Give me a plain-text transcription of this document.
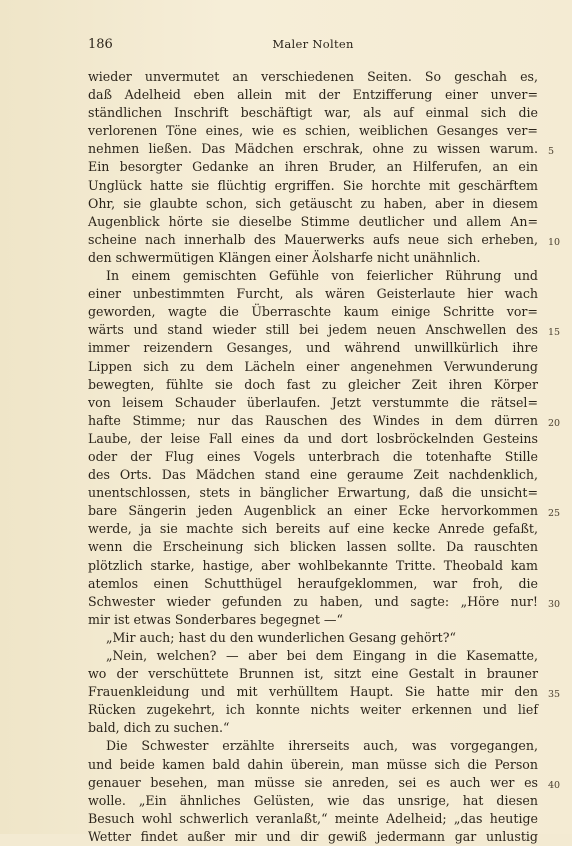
186	Maler Nolten
wieder unvermutet an verschiedenen Seiten. So geschah es,
daß Adelheid eben allein mit der Entzifferung einer unver=
ständlichen Inschrift beschäftigt war, als auf einmal sich die
verlorenen Töne eines, wie es schien, weiblichen Gesanges ver=
nehmen ließen. Das Mädchen erschrak, ohne zu wissen warum. 5
Ein besorgter Gedanke an ihren Bruder, an Hilferufen, an ein
Unglück hatte sie flüchtig ergriffen. Sie horchte mit geschärftem
Ohr, sie glaubte schon, sich getäuscht zu haben, aber in diesem
Augenblick hörte sie dieselbe Stimme deutlicher und allem An=
scheine nach innerhalb des Mauerwerks aufs neue sich erheben, 10
den schwermütigen Klängen einer Äolsharfe nicht unähnlich.
In einem gemischten Gefühle von feierlicher Rührung und
einer unbestimmten Furcht, als wären Geisterlaute hier wach
geworden, wagte die Überraschte kaum einige Schritte vor=
wärts und stand wieder still bei jedem neuen Anschwellen des 15
immer reizendern Gesanges, und während unwillkürlich ihre
Lippen sich zu dem Lächeln einer angenehmen Verwunderung
bewegten, fühlte sie doch fast zu gleicher Zeit ihren Körper
von leisem Schauder überlaufen. Jetzt verstummte die rätsel=
hafte Stimme; nur das Rauschen des Windes in dem dürren 20
Laube, der leise Fall eines da und dort losbröckelnden Gesteins
oder der Flug eines Vogels unterbrach die totenhafte Stille
des Orts. Das Mädchen stand eine geraume Zeit nachdenklich,
unentschlossen, stets in bänglicher Erwartung, daß die unsicht=
bare Sängerin jeden Augenblick an einer Ecke hervorkommen 25
werde, ja sie machte sich bereits auf eine kecke Anrede gefaßt,
wenn die Erscheinung sich blicken lassen sollte. Da rauschten
plötzlich starke, hastige, aber wohlbekannte Tritte. Theobald kam
atemlos einen Schutthügel heraufgeklommen, war froh, die
Schwester wieder gefunden zu haben, und sagte: „Höre nur! 30
mir ist etwas Sonderbares begegnet —“
„Mir auch; hast du den wunderlichen Gesang gehört?“
„Nein, welchen? — aber bei dem Eingang in die Kasematte,
wo der verschüttete Brunnen ist, sitzt eine Gestalt in brauner
Frauenkleidung und mit verhülltem Haupt. Sie hatte mir den 35
Rücken zugekehrt, ich konnte nichts weiter erkennen und lief
bald, dich zu suchen.“
Die Schwester erzählte ihrerseits auch, was vorgegangen,
und beide kamen bald dahin überein, man müsse sich die Person
genauer besehen, man müsse sie anreden, sei es auch wer es 40
wolle. „Ein ähnliches Gelüsten, wie das unsrige, hat diesen
Besuch wohl schwerlich veranlaßt,“ meinte Adelheid; „das heutige
Wetter findet außer mir und dir gewiß jedermann gar unlustig
